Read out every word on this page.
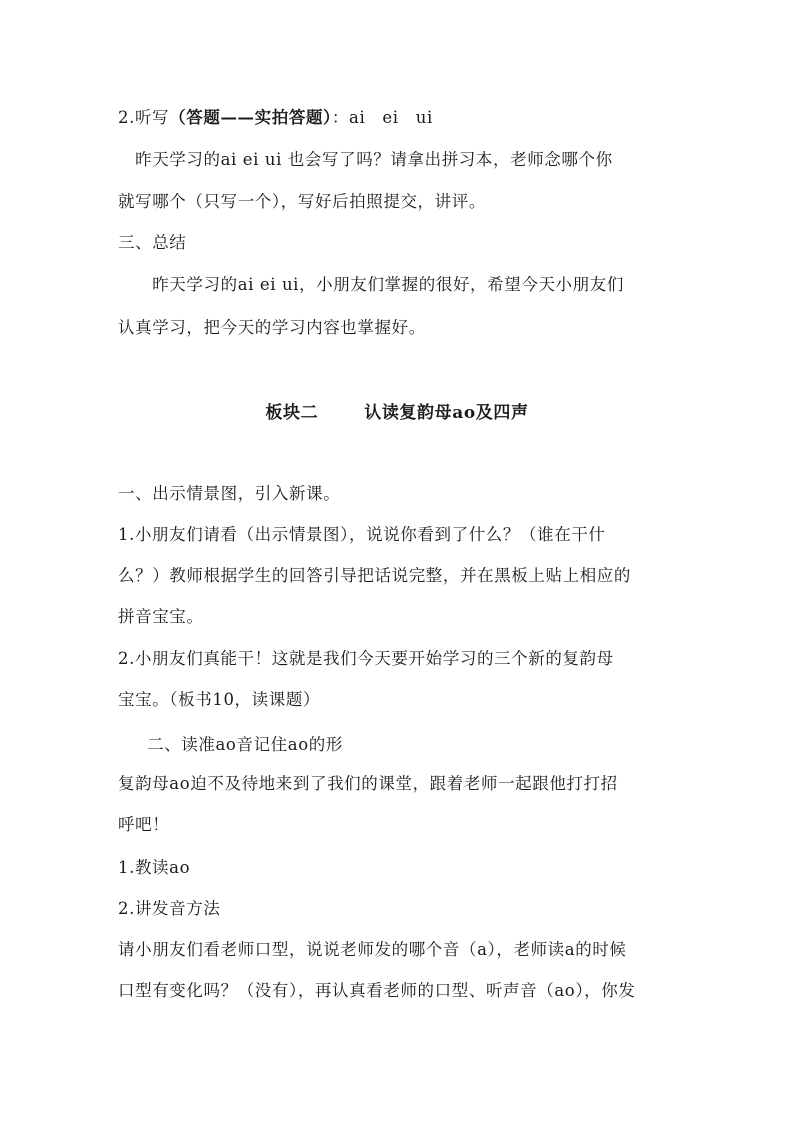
2.听写（答题——实拍答题）：ai　ei　ui
　昨天学习的ai ei ui 也会写了吗？请拿出拼习本，老师念哪个你
就写哪个（只写一个），写好后拍照提交，讲评。
三、总结
　　昨天学习的ai ei ui，小朋友们掌握的很好，希望今天小朋友们
认真学习，把今天的学习内容也掌握好。
板块二	认读复韵母ao及四声
一、出示情景图，引入新课。
1.小朋友们请看（出示情景图），说说你看到了什么？（谁在干什
么？）教师根据学生的回答引导把话说完整，并在黑板上贴上相应的
拼音宝宝。
2.小朋友们真能干！这就是我们今天要开始学习的三个新的复韵母
宝宝。（板书10，读课题）
　二、读准ao音记住ao的形
复韵母ao迫不及待地来到了我们的课堂，跟着老师一起跟他打打招
呼吧！
1.教读ao
2.讲发音方法
请小朋友们看老师口型，说说老师发的哪个音（a），老师读a的时候
口型有变化吗？（没有），再认真看老师的口型、听声音（ao），你发
